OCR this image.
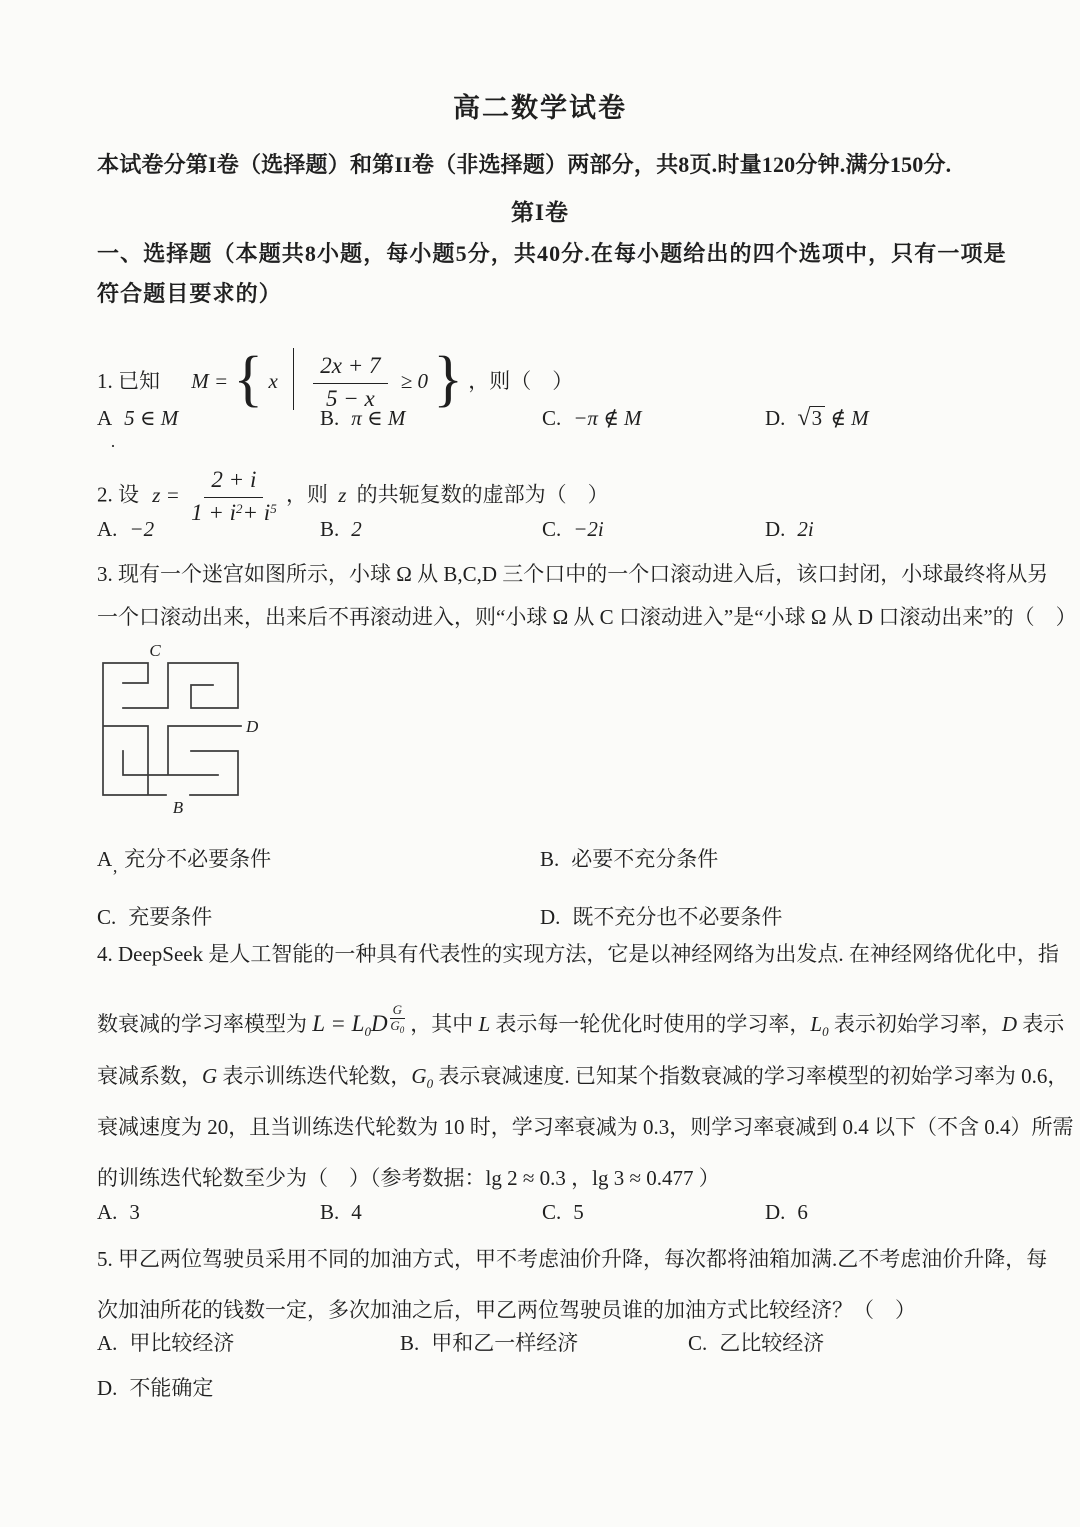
高二数学试卷
本试卷分第I卷（选择题）和第II卷（非选择题）两部分，共8页.时量120分钟.满分150分.
第I卷
一、选择题（本题共8小题，每小题5分，共40分.在每小题给出的四个选项中，只有一项是
符合题目要求的）
1. 已知 M = { x $\frac{2x + 7}{5 - x} \ge 0$ } ，则（　）
A 5 ∈ M	B. π ∈ M	C. −π ∉ M	D. √ 3 ∉ M
·
2. 设 $z = \frac{2 + i}{1 + i^2+ i^5}$ ，则 z 的共轭复数的虚部为（　）
A. −2	B. 2	C. −2i	D. 2i
3. 现有一个迷宫如图所示，小球 Ω 从 B,C,D 三个口中的一个口滚动进入后，该口封闭，小球最终将从另
一个口滚动出来，出来后不再滚动进入，则“小球 Ω 从 C 口滚动进入”是“小球 Ω 从 D 口滚动出来”的（　）
C
D
B
A 充分不必要条件	B. 必要不充分条件
’
C. 充要条件	D. 既不充分也不必要条件
4. DeepSeek 是人工智能的一种具有代表性的实现方法，它是以神经网络为出发点. 在神经网络优化中，指
数衰减的学习率模型为 $L = L_0D \frac{G}{G_0}$ ，其中 L 表示每一轮优化时使用的学习率，$L_0$ 表示初始学习率，D 表示
衰减系数，G 表示训练迭代轮数，$G_0$ 表示衰减速度. 已知某个指数衰减的学习率模型的初始学习率为 0.6，
衰减速度为 20，且当训练迭代轮数为 10 时，学习率衰减为 0.3，则学习率衰减到 0.4 以下（不含 0.4）所需
的训练迭代轮数至少为（　）（参考数据：lg 2 ≈ 0.3 ，lg 3 ≈ 0.477 ）
A. 3	B. 4	C. 5	D. 6
5. 甲乙两位驾驶员采用不同的加油方式，甲不考虑油价升降，每次都将油箱加满.乙不考虑油价升降，每
次加油所花的钱数一定，多次加油之后，甲乙两位驾驶员谁的加油方式比较经济？（　）
A. 甲比较经济	B. 甲和乙一样经济	C. 乙比较经济
D. 不能确定
